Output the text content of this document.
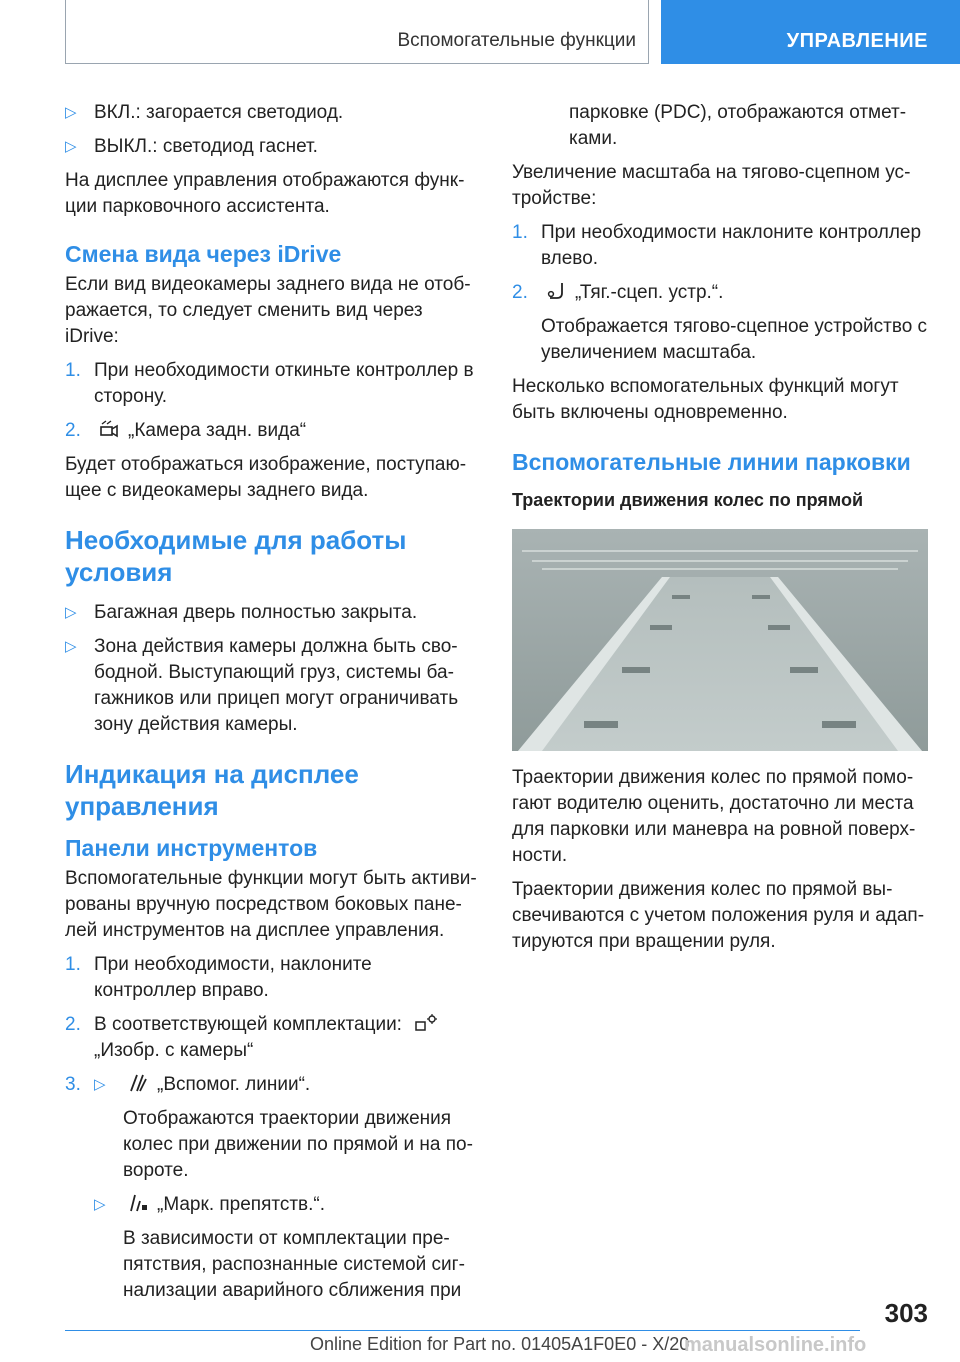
Вспомогательные функции	УПРАВЛЕНИЕ
▷ ВКЛ.: загорается светодиод.
▷ ВЫКЛ.: светодиод гаснет.

На дисплее управления отображаются функции парковочного ассистента.

Смена вида через iDrive

Если вид видеокамеры заднего вида не отображается, то следует сменить вид через iDrive:

1. При необходимости откиньте контроллер в сторону.
2. „Камера задн. вида“

Будет отображаться изображение, поступающее с видеокамеры заднего вида.

Необходимые для работы условия
▷ Багажная дверь полностью закрыта.
▷ Зона действия камеры должна быть свободной. Выступающий груз, системы багажников или прицеп могут ограничивать зону действия камеры.
Индикация на дисплее управления
Панели инструментов

Вспомогательные функции могут быть активированы вручную посредством боковых панелей инструментов на дисплее управления.

1. При необходимости, наклоните контроллер вправо.
2. В соответствующей комплектации:
„Изобр. с камеры“
3. ▷	„Вспомог. линии“.

Отображаются траектории движения колес при движении по прямой и на повороте.

▷	„Марк. препятств.“.

В зависимости от комплектации препятствия, распознанные системой сигнализации аварийного сближения при

парковке (PDC), отображаются отметками.

Увеличение масштаба на тягово-сцепном устройстве:

1. При необходимости наклоните контроллер влево.
2. „Тяг.-сцеп. устр.“.

Отображается тягово-сцепное устройство с увеличением масштаба.

Несколько вспомогательных функций могут быть включены одновременно.

Вспомогательные линии парковки
Траектории движения колес по прямой

Траектории движения колес по прямой помогают водителю оценить, достаточно ли места для парковки или маневра на ровной поверхности.

Траектории движения колес по прямой высвечиваются с учетом положения руля и адаптируются при вращении руля.

303
Online Edition for Part no. 01405A1F0E0 - X/20
manualsonline.info
